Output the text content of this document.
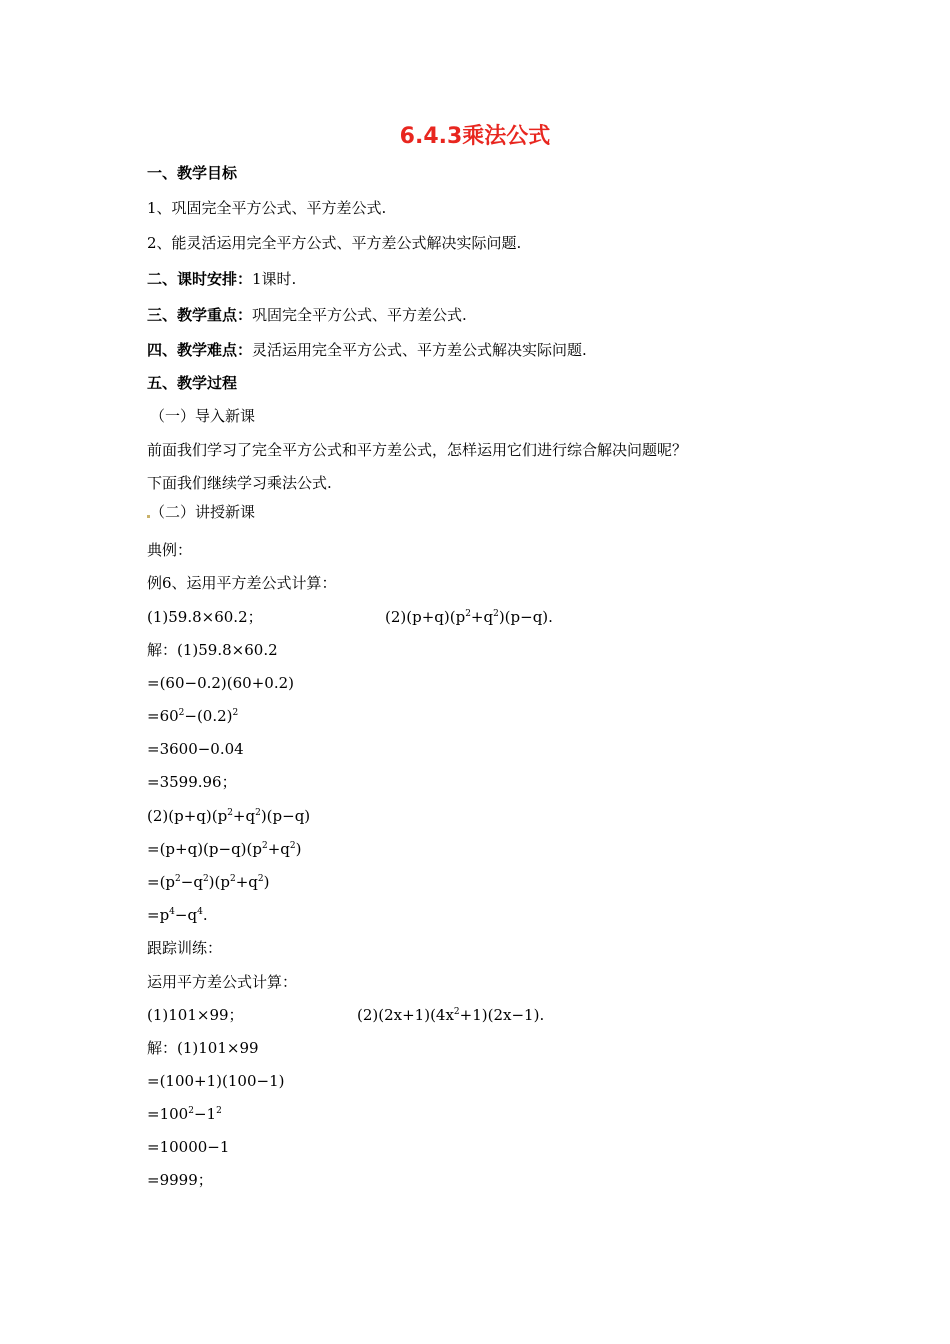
6.4.3乘法公式
一、教学目标
1、巩固完全平方公式、平方差公式.
2、能灵活运用完全平方公式、平方差公式解决实际问题.
二、课时安排：1课时.
三、教学重点：巩固完全平方公式、平方差公式.
四、教学难点：灵活运用完全平方公式、平方差公式解决实际问题.
五、教学过程
（一）导入新课
前面我们学习了完全平方公式和平方差公式，怎样运用它们进行综合解决问题呢？
下面我们继续学习乘法公式.
（二）讲授新课
典例：
例6、运用平方差公式计算：
(1)59.8×60.2；	$(2)(p+q)(p^2+q^2)(p-q)$.
解：(1)59.8×60.2
=(60−0.2)(60+0.2)
$=60^2-(0.2)^2$
=3600−0.04
=3599.96；
$(2)(p+q)(p^2+q^2)(p-q)$
$=(p+q)(p-q)(p^2+q^2)$
$=(p^2-q^2)(p^2+q^2)$
$=p^4-q^4$.
跟踪训练：
运用平方差公式计算：
(1)101×99；	$(2)(2x+1)(4x^2+1)(2x-1)$.
解：(1)101×99
=(100+1)(100−1)
$=100^2-1^2$
=10000−1
=9999；
